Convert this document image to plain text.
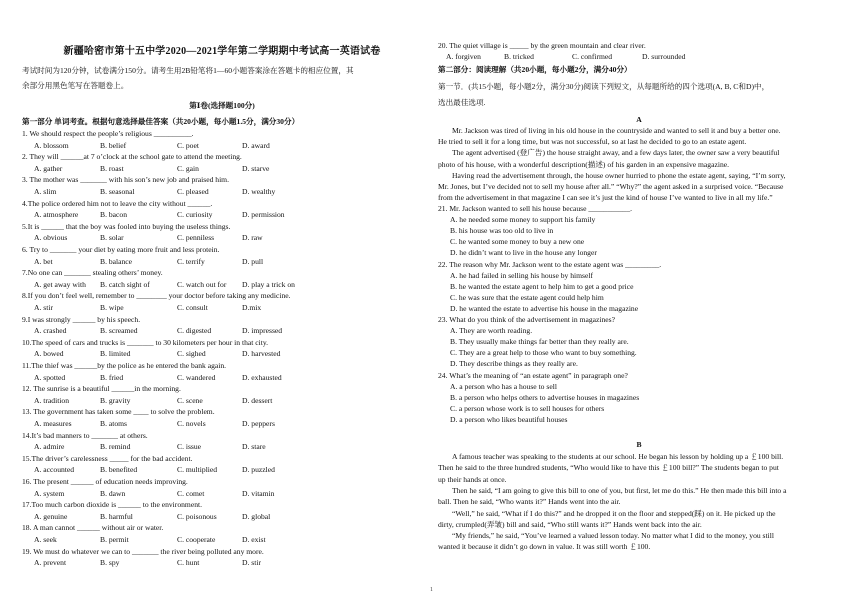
新疆哈密市第十五中学2020—2021学年第二学期期中考试高一英语试卷
考试时间为120分钟，试卷满分150分。请考生用2B铅笔将1—60小题答案涂在答题卡的相应位置，其
余部分用黑色笔写在答题卷上。
第Ⅰ卷(选择题100分)
第一部分 单词考查。根据句意选择最佳答案（共20小题，每小题1.5分，满分30分）
1. We should respect the people’s religious __________.
A. blossom	B. belief	C. poet	D. award
2. They will ______at 7 o’clock at the school gate to attend the meeting.
A. gather	B. roast	C. gain	D. starve
3. The mother was _______ with his son’s new job and praised him.
A. slim	B. seasonal	C. pleased	D. wealthy
4.The police ordered him not to leave the city without ______.
A. atmosphere	B. bacon	C. curiosity	D. permission
5.It is ______ that the boy was fooled into buying the useless things.
A. obvious	B. solar	C. penniless	D. raw
6. Try to _______ your diet by eating more fruit and less protein.
A. bet	B. balance	C. terrify	D. pull
7.No one can _______ stealing others’ money.
A. get away with B. catch sight of	C. watch out for D. play a trick on
8.If you don’t feel well, remember to ________ your doctor before taking any medicine.
A. stir	B. wipe	C. consult	D.mix
9.I was strongly ______ by his speech.
A. crashed	B. screamed	C. digested	D. impressed
10.The speed of cars and trucks is _______ to 30 kilometers per hour in that city.
A. bowed	B. limited	C. sighed	D. harvested
11.The thief was ______by the police as he entered the bank again.
A. spotted	B. fried	C. wandered	D. exhausted
12. The sunrise is a beautiful ______in the morning.
A. tradition	B. gravity	C. scene	D. dessert
13. The government has taken some ____ to solve the problem.
A. measures	B. atoms	C. novels	D. peppers
14.It’s bad manners to _______ at others.
A. admire	B. remind	C. issue	D. stare
15.The driver’s carelessness _____ for the bad accident.
A. accounted	B. benefited	C. multiplied	D. puzzled
16. The present ______ of education needs improving.
A. system	B. dawn	C. comet	D. vitamin
17.Too much carbon dioxide is ______ to the environment.
A. genuine	B. harmful	C. poisonous	D. global
18. A man cannot ______ without air or water.
A. seek	B. permit	C. cooperate	D. exist
19. We must do whatever we can to _______ the river being polluted any more.
A. prevent	B. spy	C. hunt	D. stir
20. The quiet village is _____ by the green mountain and clear river.
A. forgiven	B. tricked	C. confirmed	D. surrounded
第二部分：阅读理解（共20小题，每小题2分，满分40分）
第一节．(共15小题，每小题2分，满分30分)阅读下列短文，从每题所给的四个选项(A, B, C和D)中，
选出最佳选项.
A
Mr. Jackson was tired of living in his old house in the countryside and wanted to sell it and buy a better one.
He tried to sell it for a long time, but was not successful, so at last he decided to go to an estate agent.
The agent advertised (登广告) the house straight away, and a few days later, the owner saw a very beautiful
photo of his house, with a wonderful description(描述) of his garden in an expensive magazine.
Having read the advertisement through, the house owner hurried to phone the estate agent, saying, “I’m sorry,
Mr. Jones, but I’ve decided not to sell my house after all.” “Why?” the agent asked in a surprised voice. “Because
from the advertisement in that magazine I can see it’s just the kind of house I’ve wanted to live in all my life.”
21. Mr. Jackson wanted to sell his house because ___________.
A. he needed some money to support his family
B. his house was too old to live in
C. he wanted some money to buy a new one
D. he didn’t want to live in the house any longer
22. The reason why Mr. Jackson went to the estate agent was _________.
A. he had failed in selling his house by himself
B. he wanted the estate agent to help him to get a good price
C. he was sure that the estate agent could help him
D. he wanted the estate to advertise his house in the magazine
23. What do you think of the advertisement in magazines?
A. They are worth reading.
B. They usually make things far better than they really are.
C. They are a great help to those who want to buy something.
D. They describe things as they really are.
24. What’s the meaning of “an estate agent” in paragraph one?
A. a person who has a house to sell
B. a person who helps others to advertise houses in magazines
C. a person whose work is to sell houses for others
D. a person who likes beautiful houses
B
A famous teacher was speaking to the students at our school. He began his lesson by holding up a ￡100 bill.
Then he said to the three hundred students, “Who would like to have this ￡100 bill?” The students began to put
up their hands at once.
Then he said, “I am going to give this bill to one of you, but first, let me do this.” He then made this bill into a
ball. Then he said, “Who wants it?” Hands went into the air.
“Well,” he said, “What if I do this?” and he dropped it on the floor and stepped(踩) on it. He picked up the
dirty, crumpled(弄皱) bill and said, “Who still wants it?” Hands went back into the air.
“My friends,” he said, “You’ve learned a valued lesson today. No matter what I did to the money, you still
wanted it because it didn’t go down in value. It was still worth ￡100.
1
